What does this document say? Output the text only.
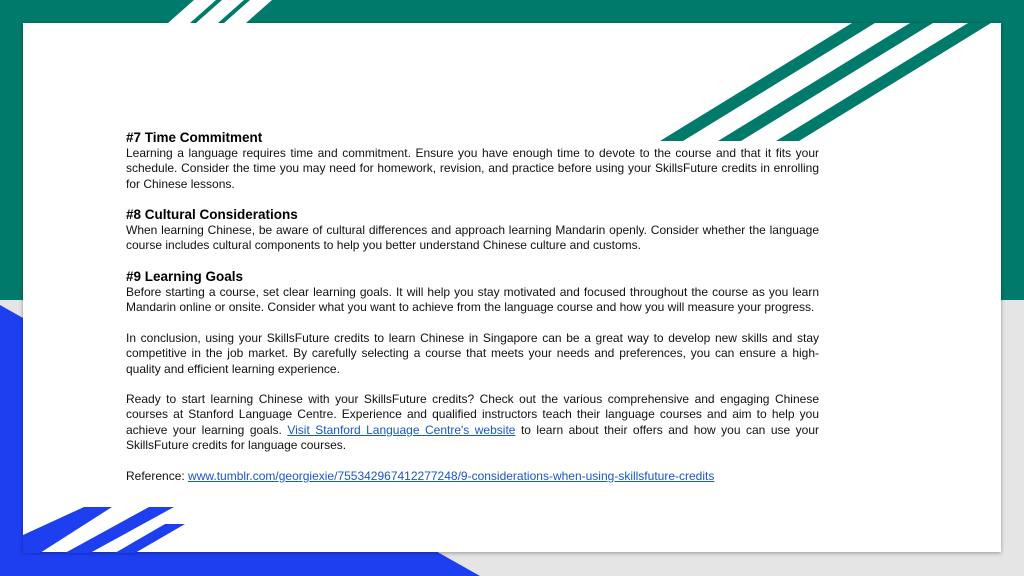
#7 Time Commitment

Learning a language requires time and commitment. Ensure you have enough time to devote to the course and that it fits your schedule. Consider the time you may need for homework, revision, and practice before using your SkillsFuture credits in enrolling for Chinese lessons.

#8 Cultural Considerations

When learning Chinese, be aware of cultural differences and approach learning Mandarin openly. Consider whether the language course includes cultural components to help you better understand Chinese culture and customs.

#9 Learning Goals

Before starting a course, set clear learning goals. It will help you stay motivated and focused throughout the course as you learn Mandarin online or onsite. Consider what you want to achieve from the language course and how you will measure your progress.

In conclusion, using your SkillsFuture credits to learn Chinese in Singapore can be a great way to develop new skills and stay competitive in the job market. By carefully selecting a course that meets your needs and preferences, you can ensure a high-quality and efficient learning experience.

Ready to start learning Chinese with your SkillsFuture credits? Check out the various comprehensive and engaging Chinese courses at Stanford Language Centre. Experience and qualified instructors teach their language courses and aim to help you achieve your learning goals. Visit Stanford Language Centre's website to learn about their offers and how you can use your SkillsFuture credits for language courses.

Reference: www.tumblr.com/georgiexie/755342967412277248/9-considerations-when-using-skillsfuture-credits
